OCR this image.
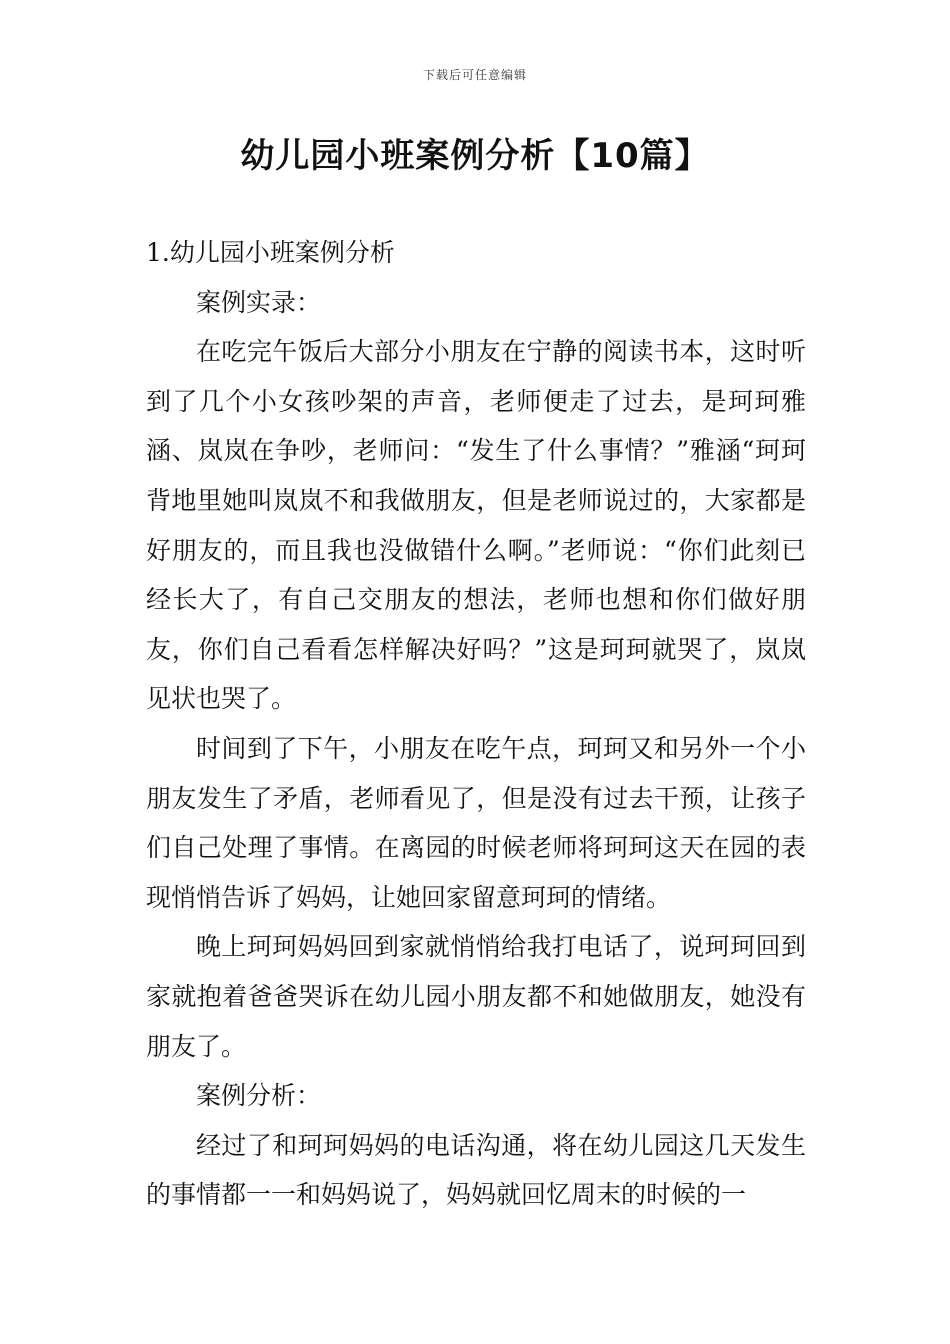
下载后可任意编辑
幼儿园小班案例分析【10篇】

1.幼儿园小班案例分析

案例实录：

在吃完午饭后大部分小朋友在宁静的阅读书本，这时听到了几个小女孩吵架的声音，老师便走了过去，是珂珂雅涵、岚岚在争吵，老师问：“发生了什么事情？”雅涵“珂珂背地里她叫岚岚不和我做朋友，但是老师说过的，大家都是好朋友的，而且我也没做错什么啊。”老师说：“你们此刻已经长大了，有自己交朋友的想法，老师也想和你们做好朋友，你们自己看看怎样解决好吗？”这是珂珂就哭了，岚岚见状也哭了。

时间到了下午，小朋友在吃午点，珂珂又和另外一个小朋友发生了矛盾，老师看见了，但是没有过去干预，让孩子们自己处理了事情。在离园的时候老师将珂珂这天在园的表现悄悄告诉了妈妈，让她回家留意珂珂的情绪。

晚上珂珂妈妈回到家就悄悄给我打电话了，说珂珂回到家就抱着爸爸哭诉在幼儿园小朋友都不和她做朋友，她没有朋友了。

案例分析：

经过了和珂珂妈妈的电话沟通，将在幼儿园这几天发生的事情都一一和妈妈说了，妈妈就回忆周末的时候的一
